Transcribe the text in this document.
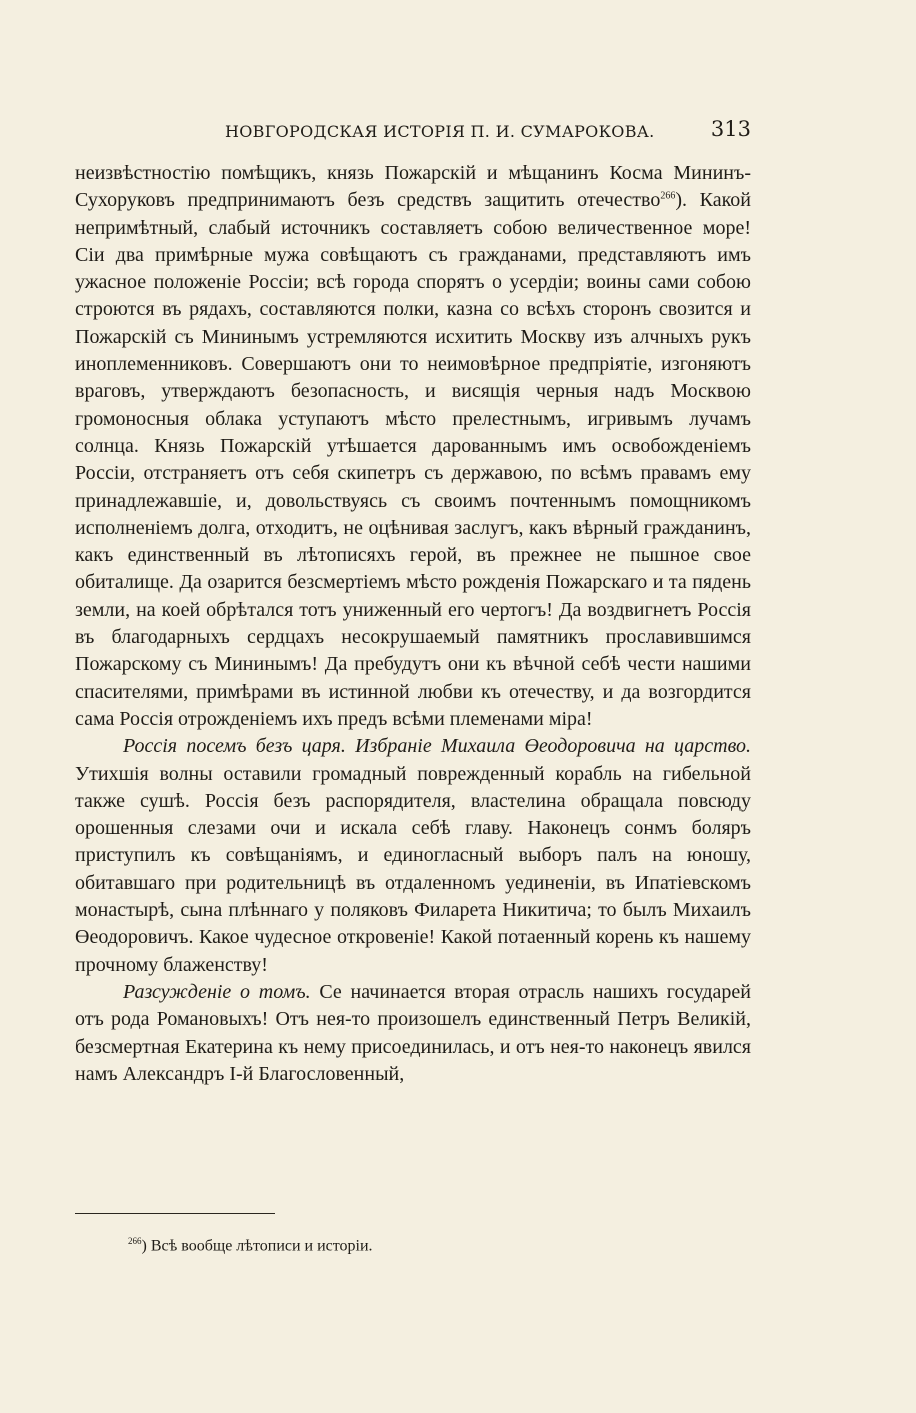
НОВГОРОДСКАЯ ИСТОРІЯ П. И. СУМАРОКОВА.	313

неизвѣстностію помѣщикъ, князь Пожарскій и мѣщанинъ Косма Мининъ-Сухоруковъ предпринимаютъ безъ средствъ защитить отечество$^{266}$). Какой непримѣтный, слабый источникъ составляетъ собою величественное море! Сіи два примѣрные мужа совѣщаютъ съ гражданами, представляютъ имъ ужасное положеніе Россіи; всѣ города спорятъ о усердіи; воины сами собою строются въ рядахъ, составляются полки, казна со всѣхъ сторонъ свозится и Пожарскій съ Мининымъ устремляются исхитить Москву изъ алчныхъ рукъ иноплеменниковъ. Совершаютъ они то неимовѣрное предпріятіе, изгоняютъ враговъ, утверждаютъ безопасность, и висящія черныя надъ Москвою громоносныя облака уступаютъ мѣсто прелестнымъ, игривымъ лучамъ солнца. Князь Пожарскій утѣшается дарованнымъ имъ освобожденіемъ Россіи, отстраняетъ отъ себя скипетръ съ державою, по всѣмъ правамъ ему принадлежавшіе, и, довольствуясь съ своимъ почтеннымъ помощникомъ исполненіемъ долга, отходитъ, не оцѣнивая заслугъ, какъ вѣрный гражданинъ, какъ единственный въ лѣтописяхъ герой, въ прежнее не пышное свое обиталище. Да озарится безсмертіемъ мѣсто рожденія Пожарскаго и та пядень земли, на коей обрѣтался тотъ униженный его чертогъ! Да воздвигнетъ Россія въ благодарныхъ сердцахъ несокрушаемый памятникъ прославившимся Пожарскому съ Мининымъ! Да пребудутъ они къ вѣчной себѣ чести нашими спасителями, примѣрами въ истинной любви къ отечеству, и да возгордится сама Россія отрожденіемъ ихъ предъ всѣми племенами міра!

Россія посемъ безъ царя. Избраніе Михаила Өеодоровича на царство. Утихшія волны оставили громадный поврежденный корабль на гибельной также сушѣ. Россія безъ распорядителя, властелина обращала повсюду орошенныя слезами очи и искала себѣ главу. Наконецъ сонмъ боляръ приступилъ къ совѣщаніямъ, и единогласный выборъ палъ на юношу, обитавшаго при родительницѣ въ отдаленномъ уединеніи, въ Ипатіевскомъ монастырѣ, сына плѣннаго у поляковъ Филарета Никитича; то былъ Михаилъ Өеодоровичъ. Какое чудесное откровеніе! Какой потаенный корень къ нашему прочному блаженству!

Разсужденіе о томъ. Се начинается вторая отрасль нашихъ государей отъ рода Романовыхъ! Отъ нея-то произошелъ единственный Петръ Великій, безсмертная Екатерина къ нему присоединилась, и отъ нея-то наконецъ явился намъ Александръ І-й Благословенный,

$^{266}$) Всѣ вообще лѣтописи и исторіи.
